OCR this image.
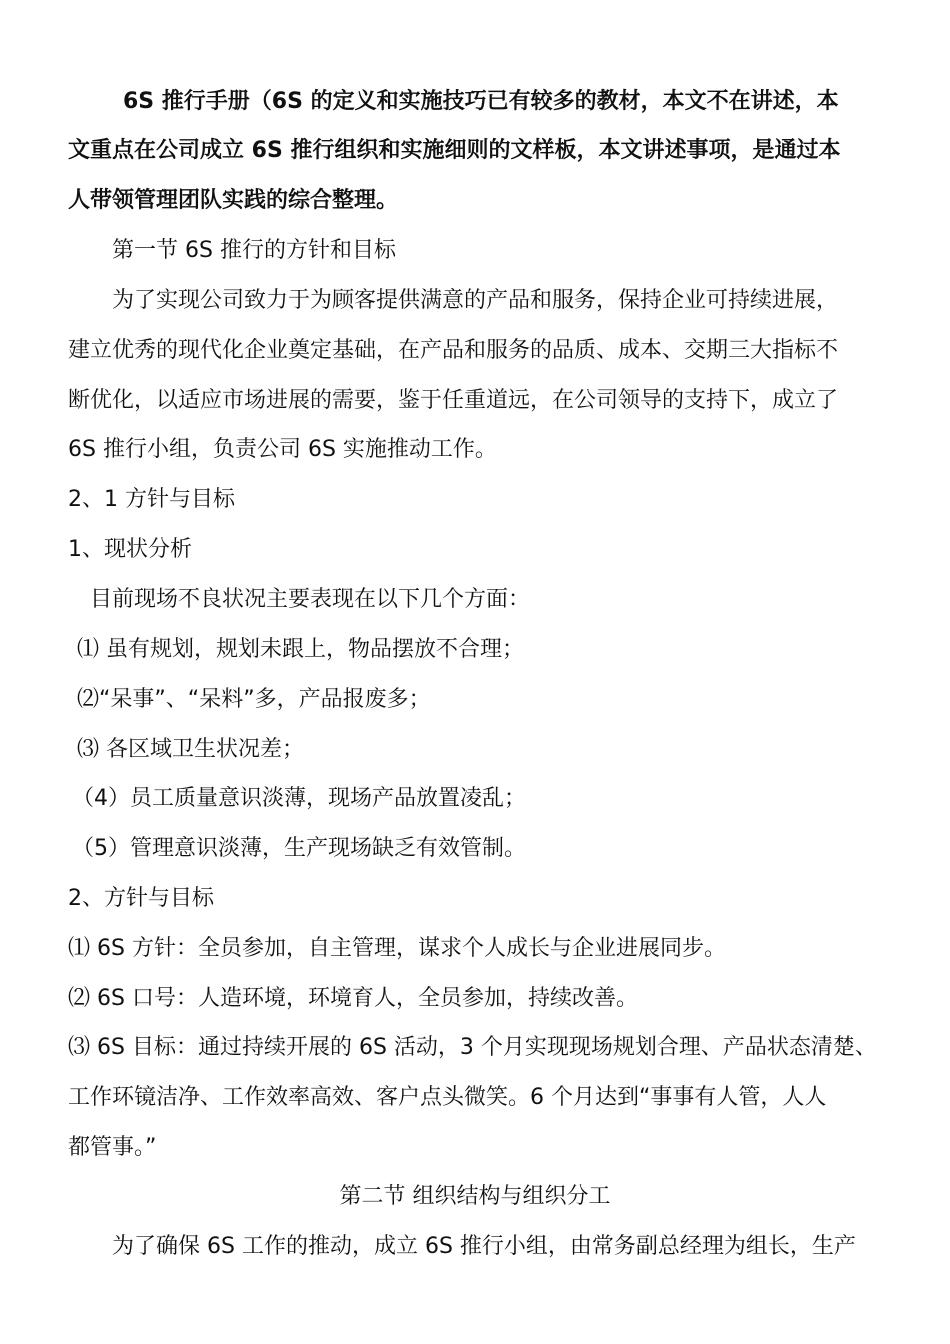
6S 推行手册（6S 的定义和实施技巧已有较多的教材，本文不在讲述，本
文重点在公司成立 6S 推行组织和实施细则的文样板，本文讲述事项，是通过本
人带领管理团队实践的综合整理。
第一节 6S 推行的方针和目标
为了实现公司致力于为顾客提供满意的产品和服务，保持企业可持续进展，
建立优秀的现代化企业奠定基础，在产品和服务的品质、成本、交期三大指标不
断优化，以适应市场进展的需要，鉴于任重道远，在公司领导的支持下，成立了
6S 推行小组，负责公司 6S 实施推动工作。
2、1 方针与目标
1、现状分析
目前现场不良状况主要表现在以下几个方面：
⑴ 虽有规划，规划未跟上，物品摆放不合理；
⑵“呆事”、“呆料”多，产品报废多；
⑶ 各区域卫生状况差；
（4）员工质量意识淡薄，现场产品放置凌乱；
（5）管理意识淡薄，生产现场缺乏有效管制。
2、方针与目标
⑴ 6S 方针：全员参加，自主管理，谋求个人成长与企业进展同步。
⑵ 6S 口号：人造环境，环境育人，全员参加，持续改善。
⑶ 6S 目标：通过持续开展的 6S 活动，3 个月实现现场规划合理、产品状态清楚、
工作环镜洁净、工作效率高效、客户点头微笑。6 个月达到“事事有人管，人人
都管事。”
第二节 组织结构与组织分工
为了确保 6S 工作的推动，成立 6S 推行小组，由常务副总经理为组长，生产
